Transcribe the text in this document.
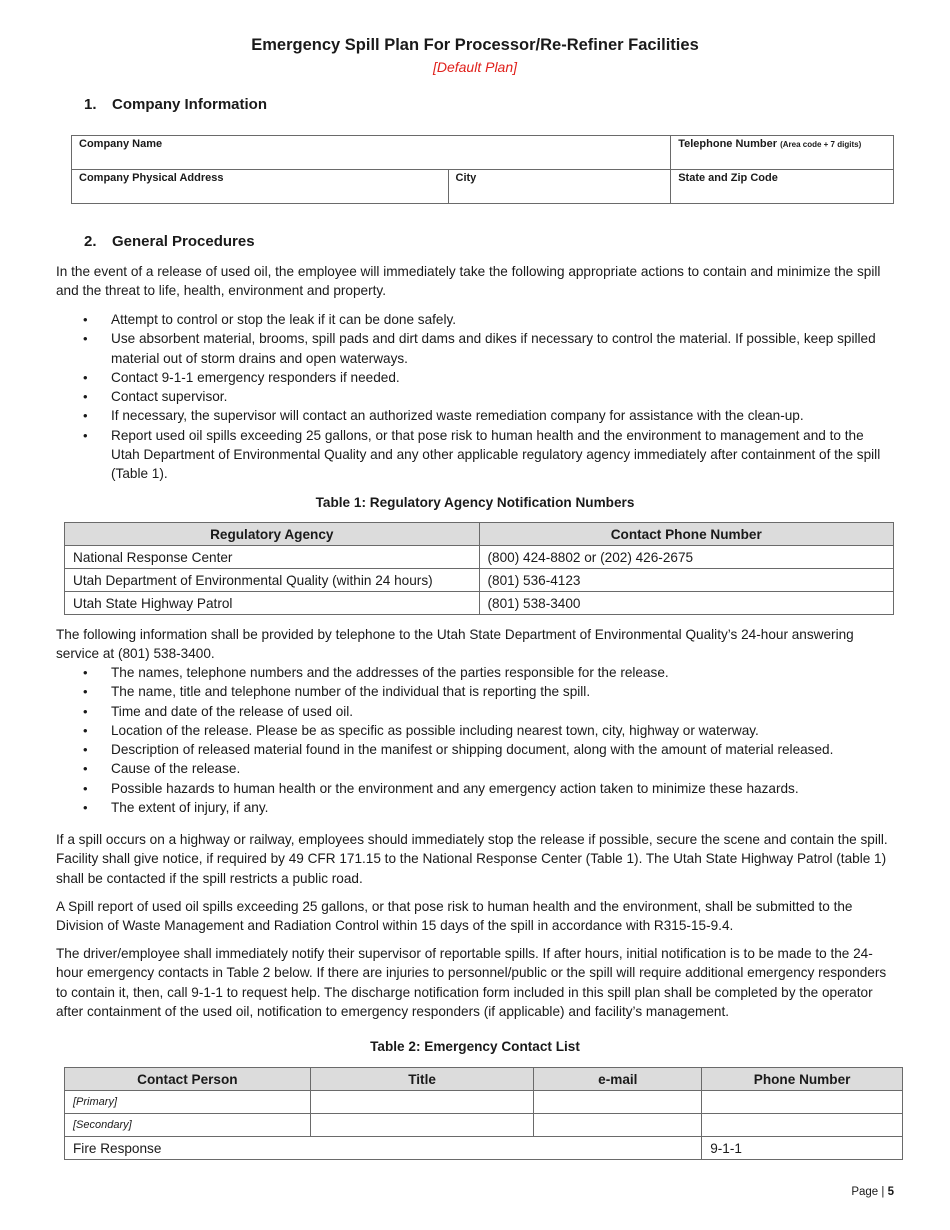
Emergency Spill Plan For Processor/Re-Refiner Facilities
[Default Plan]
1. Company Information
Company Name		Telephone Number (Area code + 7 digits)
Company Physical Address	City	State and Zip Code
2. General Procedures
In the event of a release of used oil, the employee will immediately take the following appropriate actions to contain and minimize the spill and the threat to life, health, environment and property.
• Attempt to control or stop the leak if it can be done safely.
• Use absorbent material, brooms, spill pads and dirt dams and dikes if necessary to control the material. If possible, keep spilled material out of storm drains and open waterways.
• Contact 9-1-1 emergency responders if needed.
• Contact supervisor.
• If necessary, the supervisor will contact an authorized waste remediation company for assistance with the clean-up.
• Report used oil spills exceeding 25 gallons, or that pose risk to human health and the environment to management and to the Utah Department of Environmental Quality and any other applicable regulatory agency immediately after containment of the spill (Table 1).
Table 1: Regulatory Agency Notification Numbers
Regulatory Agency	Contact Phone Number
National Response Center	(800) 424-8802 or (202) 426-2675
Utah Department of Environmental Quality (within 24 hours)	(801) 536-4123
Utah State Highway Patrol	(801) 538-3400
The following information shall be provided by telephone to the Utah State Department of Environmental Quality’s 24-hour answering service at (801) 538-3400.
• The names, telephone numbers and the addresses of the parties responsible for the release.
• The name, title and telephone number of the individual that is reporting the spill.
• Time and date of the release of used oil.
• Location of the release. Please be as specific as possible including nearest town, city, highway or waterway.
• Description of released material found in the manifest or shipping document, along with the amount of material released.
• Cause of the release.
• Possible hazards to human health or the environment and any emergency action taken to minimize these hazards.
• The extent of injury, if any.
If a spill occurs on a highway or railway, employees should immediately stop the release if possible, secure the scene and contain the spill. Facility shall give notice, if required by 49 CFR 171.15 to the National Response Center (Table 1). The Utah State Highway Patrol (table 1) shall be contacted if the spill restricts a public road.
A Spill report of used oil spills exceeding 25 gallons, or that pose risk to human health and the environment, shall be submitted to the Division of Waste Management and Radiation Control within 15 days of the spill in accordance with R315-15-9.4.
The driver/employee shall immediately notify their supervisor of reportable spills. If after hours, initial notification is to be made to the 24-hour emergency contacts in Table 2 below. If there are injuries to personnel/public or the spill will require additional emergency responders to contain it, then, call 9-1-1 to request help. The discharge notification form included in this spill plan shall be completed by the operator after containment of the used oil, notification to emergency responders (if applicable) and facility’s management.
Table 2: Emergency Contact List
Contact Person	Title	e-mail	Phone Number
[Primary]			
[Secondary]			
Fire Response			9-1-1
Page | 5
